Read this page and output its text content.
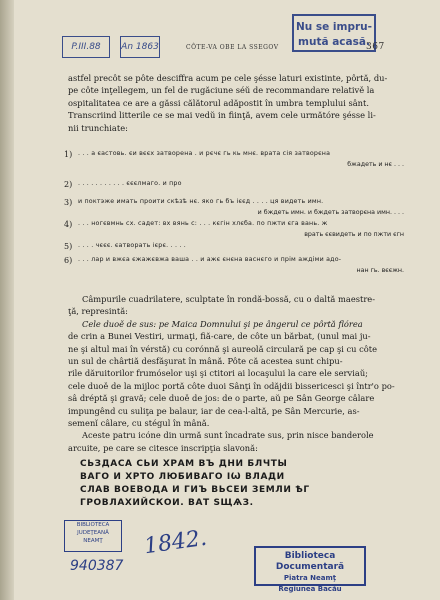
P.III.88	An 1863
Nu se impru-
mută acasă.
CÔTE-VA OBE LA SSEGOV	367
astfel precôt se pôte desciffra acum pe cele şésse laturi existinte, pôrtă, du-
pe côte inţellegem, un fel de rugăciune séŭ de recommandare relativě la
ospitalitatea ce are a găssi călătorul adăpostit în umbra templului sânt.
Transcriind litterile ce se mai vedŭ in fiinţă, avem cele următóre şésse li-
nii trunchiate:
1) . . . a єастовь. єи вєєх затворена . и рєчє гь кь мнє. врата сія затворєна
бжадеть и нє . . .
2) . . . . . . . . . . . єєєлмаго. и про
3) и поктэже имать проити скѣзѣ нє. яко гь бъ ієєд . . . . ця видеть имн.
и бждеть имн. и бждеть затворєна имн. . . .
4) . . . ногєвмнь сх. садет: вх вянь с: . . . кєгін хлєба. по пжти єга вань. ж
врать єєвидеть и по пжти єгн
5) . . . . чєєє. єатворать ієрє. . . . .
6) . . . лар и вжєа єжажєвжа ваша . . и ажє єнєна васнєго и прiм аждiми адо-
нан гь. вєєжн.
Câmpurile cuadrilatere, sculptate în rondă-bossă, cu o daltă maestre-
ţă, represintă:
Cele duoě de sus: pe Maica Domnului şi pe ângerul ce pôrtă flórea
de crin a Bunei Vestiri, urmaţi, fiă-care, de côte un bărbat, (unul mai ju-
ne şi altul mai în vérstă) cu corónnă şi aureolă circulară pe cap şi cu côte
un sul de chârtiă desfăşurat în mână. Pôte că acestea sunt chipu-
rile dăruitorilor frumóselor uşi şi ctitori ai locaşului la care ele serviaŭ;
cele duoě de la mijloc portă côte duoi Sânţi în odăjdii bissericesci şi într'o po-
sâ dréptă şi gravă; cele duoě de jos: de o parte, aŭ pe Sân George câlare
impungênd cu suliţa pe balaur, iar de cea-l-altă, pe Sân Mercurie, as-
semenĭ câlare, cu stégul în mână.
Aceste patru icóne din urmă sunt încadrate sus, prin nisce banderole
arcuite, pe care se citesce inscripţia slavonă:
СЬЗДАСА СЬИ ХРАМ ВЪ ДНИ БЛЧТЫ
ВАГО И ХРТО ЛЮБИВАГО ІѠ ВЛАДИ
СЛАВ ВОЕВОДА И ГИЪ ВЬСЕИ ЗЕМЛИ ѢГ
ГРОВЛАХИЙСКОИ. ВАТ ЅЩѦЗ.
BIBLIOTECA
JUDEŢEANĂ
NEAMŢ
940387
1842.	Biblioteca Documentară
Piatra Neamţ
Regiunea Bacău
